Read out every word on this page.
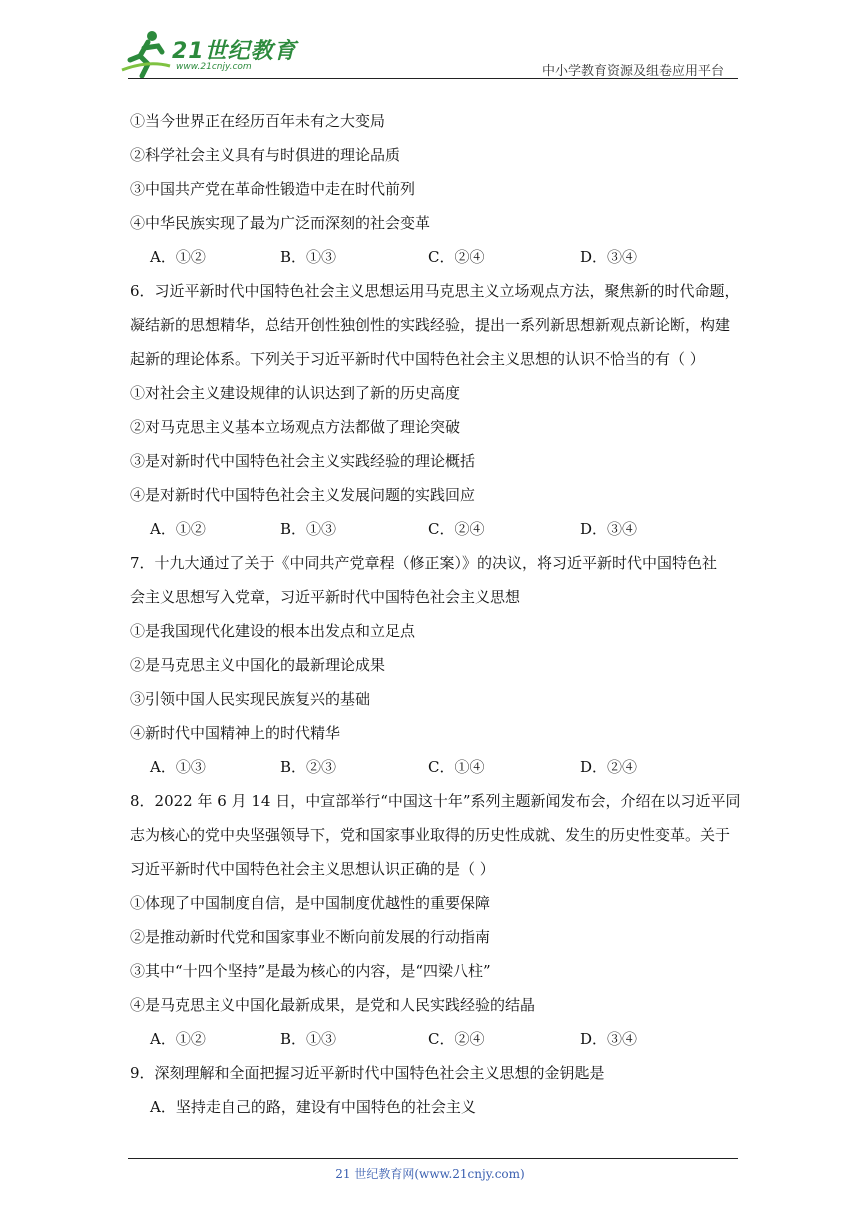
21世纪教育
www.21cnjy.com	中小学教育资源及组卷应用平台
①当今世界正在经历百年未有之大变局
②科学社会主义具有与时俱进的理论品质
③中国共产党在革命性锻造中走在时代前列
④中华民族实现了最为广泛而深刻的社会变革
A．①②	B．①③	C．②④	D．③④
6．习近平新时代中国特色社会主义思想运用马克思主义立场观点方法，聚焦新的时代命题，
凝结新的思想精华，总结开创性独创性的实践经验，提出一系列新思想新观点新论断，构建
起新的理论体系。下列关于习近平新时代中国特色社会主义思想的认识不恰当的有（ ）
①对社会主义建设规律的认识达到了新的历史高度
②对马克思主义基本立场观点方法都做了理论突破
③是对新时代中国特色社会主义实践经验的理论概括
④是对新时代中国特色社会主义发展问题的实践回应
A．①②	B．①③	C．②④	D．③④
7．十九大通过了关于《中同共产党章程（修正案）》的决议，将习近平新时代中国特色社
会主义思想写入党章，习近平新时代中国特色社会主义思想
①是我国现代化建设的根本出发点和立足点
②是马克思主义中国化的最新理论成果
③引领中国人民实现民族复兴的基础
④新时代中国精神上的时代精华
A．①③	B．②③	C．①④	D．②④
8．2022 年 6 月 14 日，中宣部举行“中国这十年”系列主题新闻发布会，介绍在以习近平同
志为核心的党中央坚强领导下，党和国家事业取得的历史性成就、发生的历史性变革。关于
习近平新时代中国特色社会主义思想认识正确的是（ ）
①体现了中国制度自信，是中国制度优越性的重要保障
②是推动新时代党和国家事业不断向前发展的行动指南
③其中“十四个坚持”是最为核心的内容，是“四梁八柱”
④是马克思主义中国化最新成果，是党和人民实践经验的结晶
A．①②	B．①③	C．②④	D．③④
9．深刻理解和全面把握习近平新时代中国特色社会主义思想的金钥匙是
A．坚持走自己的路，建设有中国特色的社会主义
21 世纪教育网(www.21cnjy.com)
